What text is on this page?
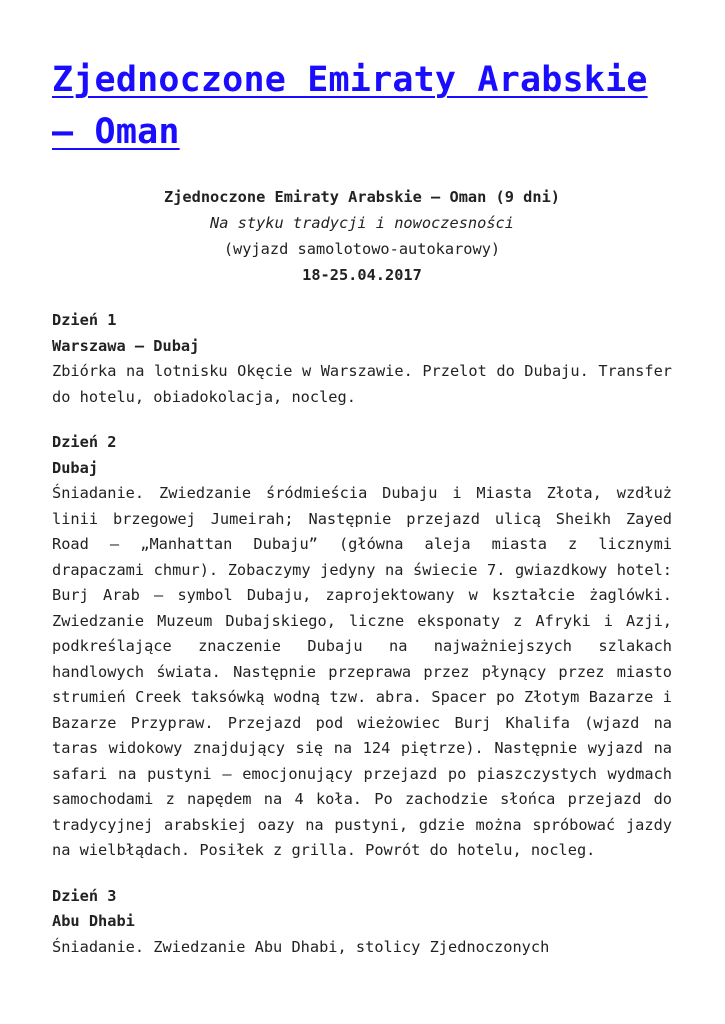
Zjednoczone Emiraty Arabskie – Oman
Zjednoczone Emiraty Arabskie – Oman (9 dni)
Na styku tradycji i nowoczesności
(wyjazd samolotowo-autokarowy)
18-25.04.2017
Dzień 1
Warszawa – Dubaj
Zbiórka na lotnisku Okęcie w Warszawie. Przelot do Dubaju. Transfer do hotelu, obiadokolacja, nocleg.
Dzień 2
Dubaj
Śniadanie. Zwiedzanie śródmieścia Dubaju i Miasta Złota, wzdłuż linii brzegowej Jumeirah; Następnie przejazd ulicą Sheikh Zayed Road – „Manhattan Dubaju” (główna aleja miasta z licznymi drapaczami chmur). Zobaczymy jedyny na świecie 7. gwiazdkowy hotel: Burj Arab – symbol Dubaju, zaprojektowany w kształcie żaglówki. Zwiedzanie Muzeum Dubajskiego, liczne eksponaty z Afryki i Azji, podkreślające znaczenie Dubaju na najważniejszych szlakach handlowych świata. Następnie przeprawa przez płynący przez miasto strumień Creek taksówką wodną tzw. abra. Spacer po Złotym Bazarze i Bazarze Przypraw. Przejazd pod wieżowiec Burj Khalifa (wjazd na taras widokowy znajdujący się na 124 piętrze). Następnie wyjazd na safari na pustyni – emocjonujący przejazd po piaszczystych wydmach samochodami z napędem na 4 koła. Po zachodzie słońca przejazd do tradycyjnej arabskiej oazy na pustyni, gdzie można spróbować jazdy na wielbłądach. Posiłek z grilla. Powrót do hotelu, nocleg.
Dzień 3
Abu Dhabi
Śniadanie. Zwiedzanie Abu Dhabi, stolicy Zjednoczonych
